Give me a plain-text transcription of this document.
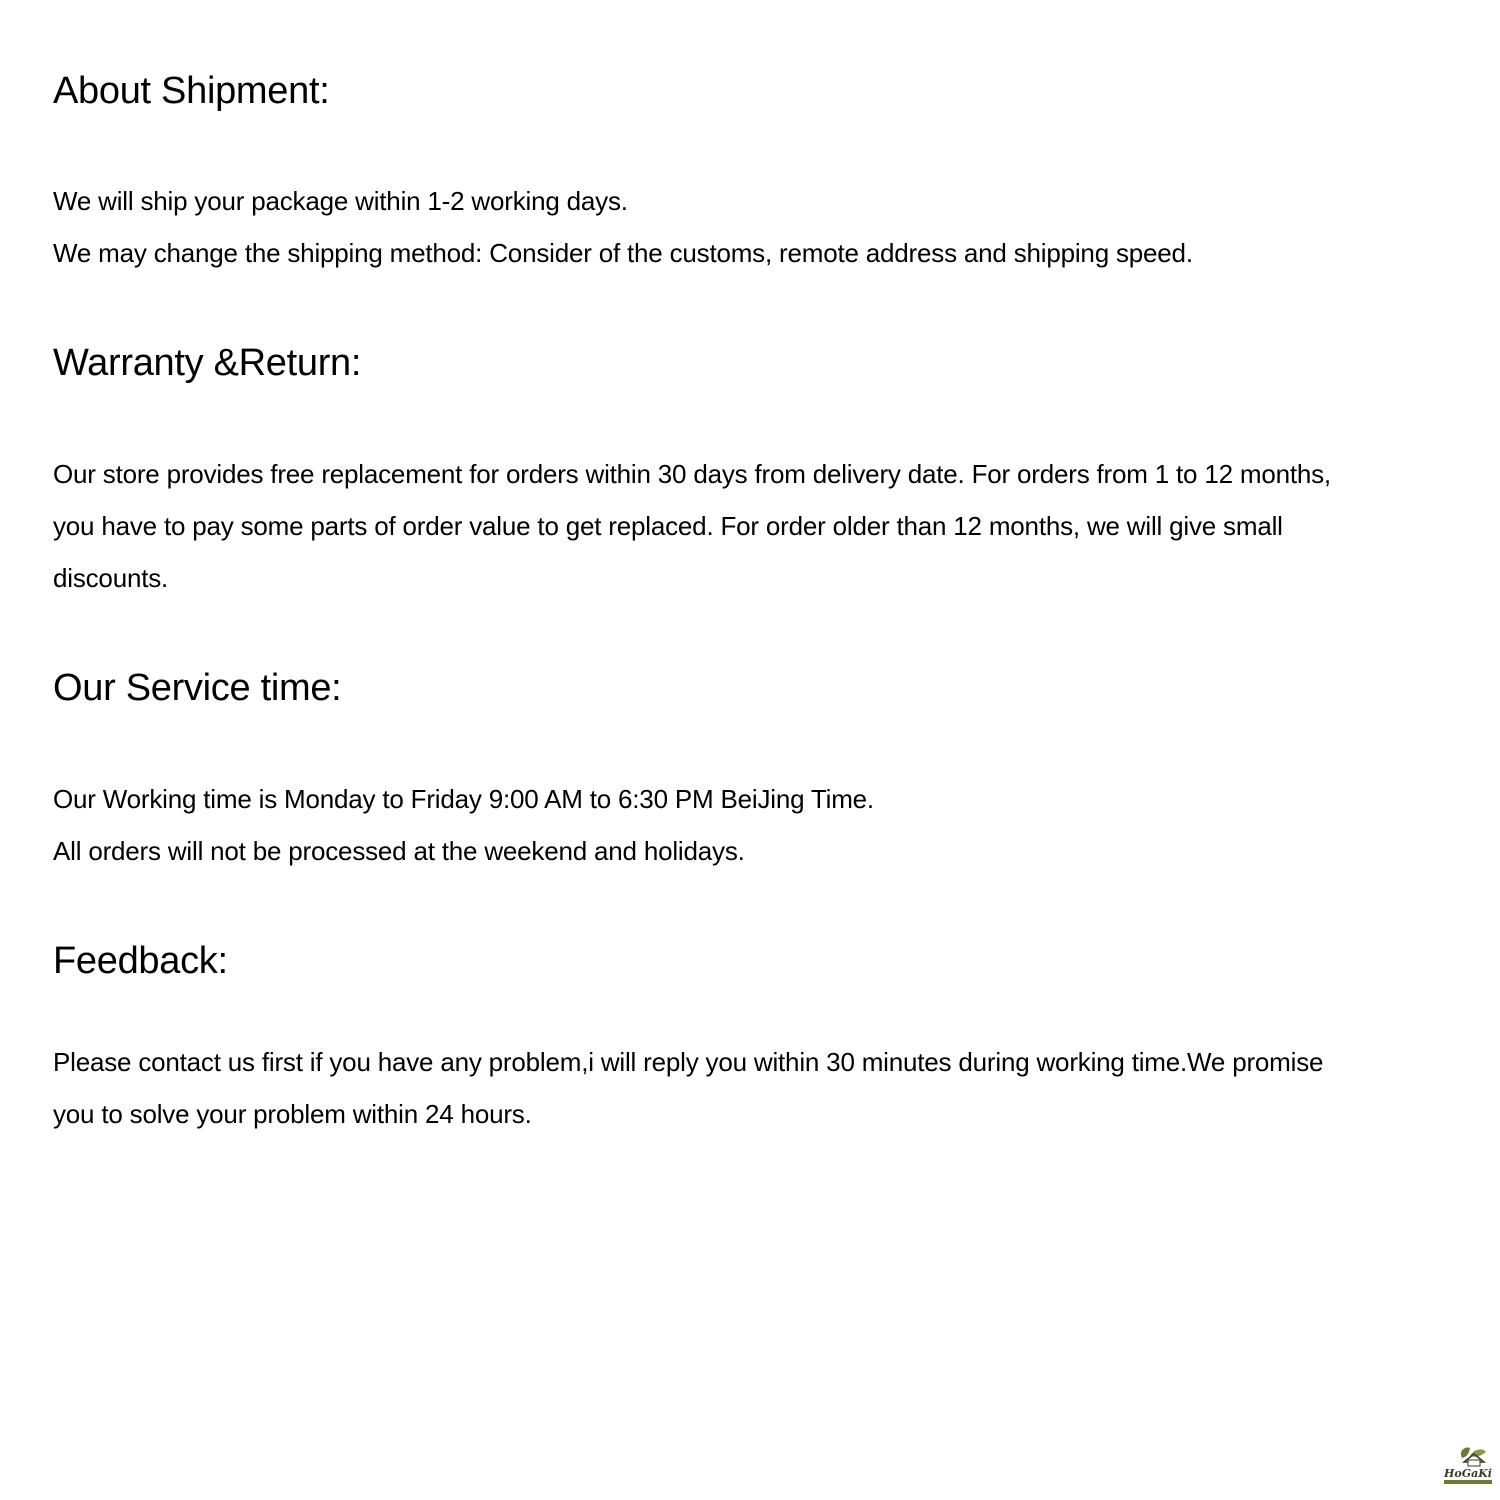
About Shipment:

We will ship your package within 1-2 working days.

We may change the shipping method: Consider of the customs, remote address and shipping speed.

Warranty &Return:

Our store provides free replacement for orders within 30 days from delivery date. For orders from 1 to 12 months,

you have to pay some parts of order value to get replaced. For order older than 12 months, we will give small

discounts.

Our Service time:

Our Working time is Monday to Friday 9:00 AM to 6:30 PM BeiJing Time.

All orders will not be processed at the weekend and holidays.

Feedback:

Please contact us first if you have any problem,i will reply you within 30 minutes during working time.We promise

you to solve your problem within 24 hours.

HoGaKi
